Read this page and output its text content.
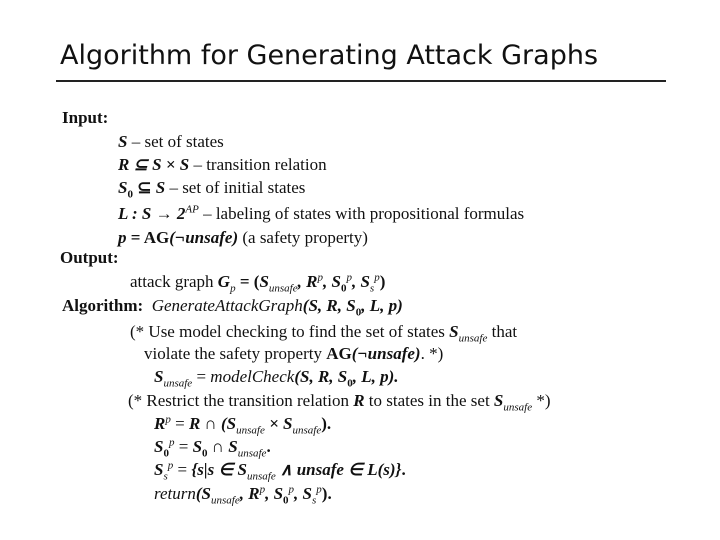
Algorithm for Generating Attack Graphs
Input:
S – set of states
R ⊆ S × S – transition relation
$S_0$ ⊆ S – set of initial states
L : $S \to 2^{AP}$ – labeling of states with propositional formulas
p = AG(¬unsafe) (a safety property)
Output:
attack graph $G_p = (S_{unsafe}$, $R^p$, $S_0^p$, $S_s^p$)
Algorithm: GenerateAttackGraph(S, R, $S_0$, L, p)
(* Use model checking to find the set of states $S_{unsafe}$ that
violate the safety property AG(¬unsafe). *)
$S_{unsafe}$ = modelCheck(S, R, $S_0$, L, p).
(* Restrict the transition relation R to states in the set $S_{unsafe}$ *)
$R^p = R$ ∩ $(S_{unsafe} \times S_{unsafe})$.
$S_0^p = S_0$ ∩ $S_{unsafe}$.
$S_s^p = \{s|s$ ∈ $S_{unsafe}$ ∧ unsafe ∈ L(s)}.
$return(S_{unsafe}$, $R^p$, $S_0^p$, $S_s^p$).
